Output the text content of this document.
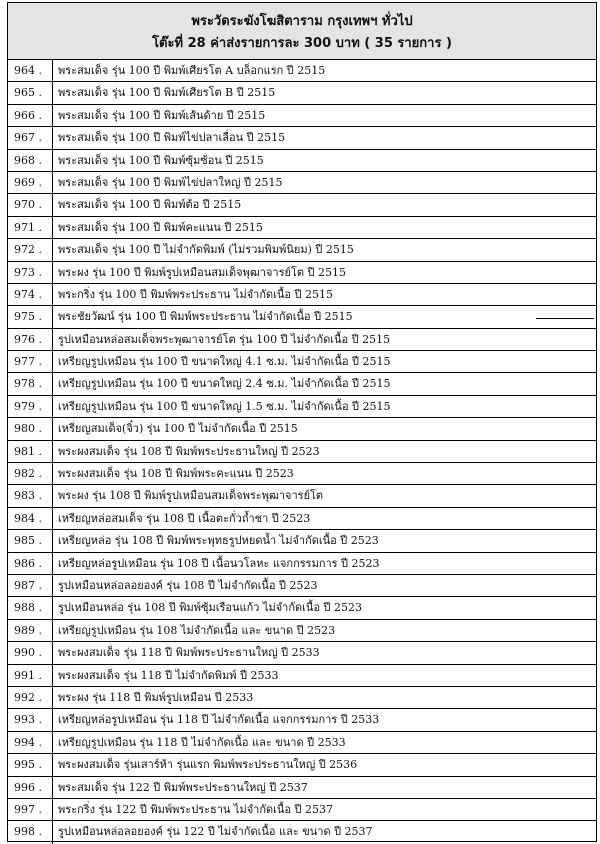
พระวัดระฆังโฆสิตาราม กรุงเทพฯ ทั่วไป
โต๊ะที่ 28 ค่าส่งรายการละ 300 บาท ( 35 รายการ )
964 .	พระสมเด็จ รุ่น 100 ปี พิมพ์เศียรโต A บล็อกแรก ปี 2515
965 .	พระสมเด็จ รุ่น 100 ปี พิมพ์เศียรโต B ปี 2515
966 .	พระสมเด็จ รุ่น 100 ปี พิมพ์เส้นด้าย ปี 2515
967 .	พระสมเด็จ รุ่น 100 ปี พิมพ์ไข่ปลาเลื่อน ปี 2515
968 .	พระสมเด็จ รุ่น 100 ปี พิมพ์ซุ้มซ้อน ปี 2515
969 .	พระสมเด็จ รุ่น 100 ปี พิมพ์ไข่ปลาใหญ่ ปี 2515
970 .	พระสมเด็จ รุ่น 100 ปี พิมพ์ต้อ ปี 2515
971 .	พระสมเด็จ รุ่น 100 ปี พิมพ์คะแนน ปี 2515
972 .	พระสมเด็จ รุ่น 100 ปี ไม่จำกัดพิมพ์ (ไม่รวมพิมพ์นิยม) ปี 2515
973 .	พระผง รุ่น 100 ปี พิมพ์รูปเหมือนสมเด็จพุฒาจารย์โต ปี 2515
974 .	พระกริ่ง รุ่น 100 ปี พิมพ์พระประธาน ไม่จำกัดเนื้อ ปี 2515
975 .	พระชัยวัฒน์ รุ่น 100 ปี พิมพ์พระประธาน ไม่จำกัดเนื้อ ปี 2515
976 .	รูปเหมือนหล่อสมเด็จพระพุฒาจารย์โต รุ่น 100 ปี ไม่จำกัดเนื้อ ปี 2515
977 .	เหรียญรูปเหมือน รุ่น 100 ปี ขนาดใหญ่ 4.1 ซ.ม. ไม่จำกัดเนื้อ ปี 2515
978 .	เหรียญรูปเหมือน รุ่น 100 ปี ขนาดใหญ่ 2.4 ซ.ม. ไม่จำกัดเนื้อ ปี 2515
979 .	เหรียญรูปเหมือน รุ่น 100 ปี ขนาดใหญ่ 1.5 ซ.ม. ไม่จำกัดเนื้อ ปี 2515
980 .	เหรียญสมเด็จ(จิ๋ว) รุ่น 100 ปี ไม่จำกัดเนื้อ ปี 2515
981 .	พระผงสมเด็จ รุ่น 108 ปี พิมพ์พระประธานใหญ่ ปี 2523
982 .	พระผงสมเด็จ รุ่น 108 ปี พิมพ์พระคะแนน ปี 2523
983 .	พระผง รุ่น 108 ปี พิมพ์รูปเหมือนสมเด็จพระพุฒาจารย์โต
984 .	เหรียญหล่อสมเด็จ รุ่น 108 ปี เนื้อตะกั่วถ้ำชา ปี 2523
985 .	เหรียญหล่อ รุ่น 108 ปี พิมพ์พระพุทธรูปหยดน้ำ ไม่จำกัดเนื้อ ปี 2523
986 .	เหรียญหล่อรูปเหมือน รุ่น 108 ปี เนื้อนวโลหะ แจกกรรมการ ปี 2523
987 .	รูปเหมือนหล่อลอยองค์ รุ่น 108 ปี ไม่จำกัดเนื้อ ปี 2523
988 .	รูปเหมือนหล่อ รุ่น 108 ปี พิมพ์ซุ้มเรือนแก้ว ไม่จำกัดเนื้อ ปี 2523
989 .	เหรียญรูปเหมือน รุ่น 108 ไม่จำกัดเนื้อ และ ขนาด ปี 2523
990 .	พระผงสมเด็จ รุ่น 118 ปี พิมพ์พระประธานใหญ่ ปี 2533
991 .	พระผงสมเด็จ รุ่น 118 ปี ไม่จำกัดพิมพ์ ปี 2533
992 .	พระผง รุ่น 118 ปี พิมพ์รูปเหมือน ปี 2533
993 .	เหรียญหล่อรูปเหมือน รุ่น 118 ปี ไม่จำกัดเนื้อ แจกกรรมการ ปี 2533
994 .	เหรียญรูปเหมือน รุ่น 118 ปี ไม่จำกัดเนื้อ และ ขนาด ปี 2533
995 .	พระผงสมเด็จ รุ่นเสาร์ห้า รุ่นแรก พิมพ์พระประธานใหญ่ ปี 2536
996 .	พระสมเด็จ รุ่น 122 ปี พิมพ์พระประธานใหญ่ ปี 2537
997 .	พระกริ่ง รุ่น 122 ปี พิมพ์พระประธาน ไม่จำกัดเนื้อ ปี 2537
998 .	รูปเหมือนหล่อลอยองค์ รุ่น 122 ปี ไม่จำกัดเนื้อ และ ขนาด ปี 2537
